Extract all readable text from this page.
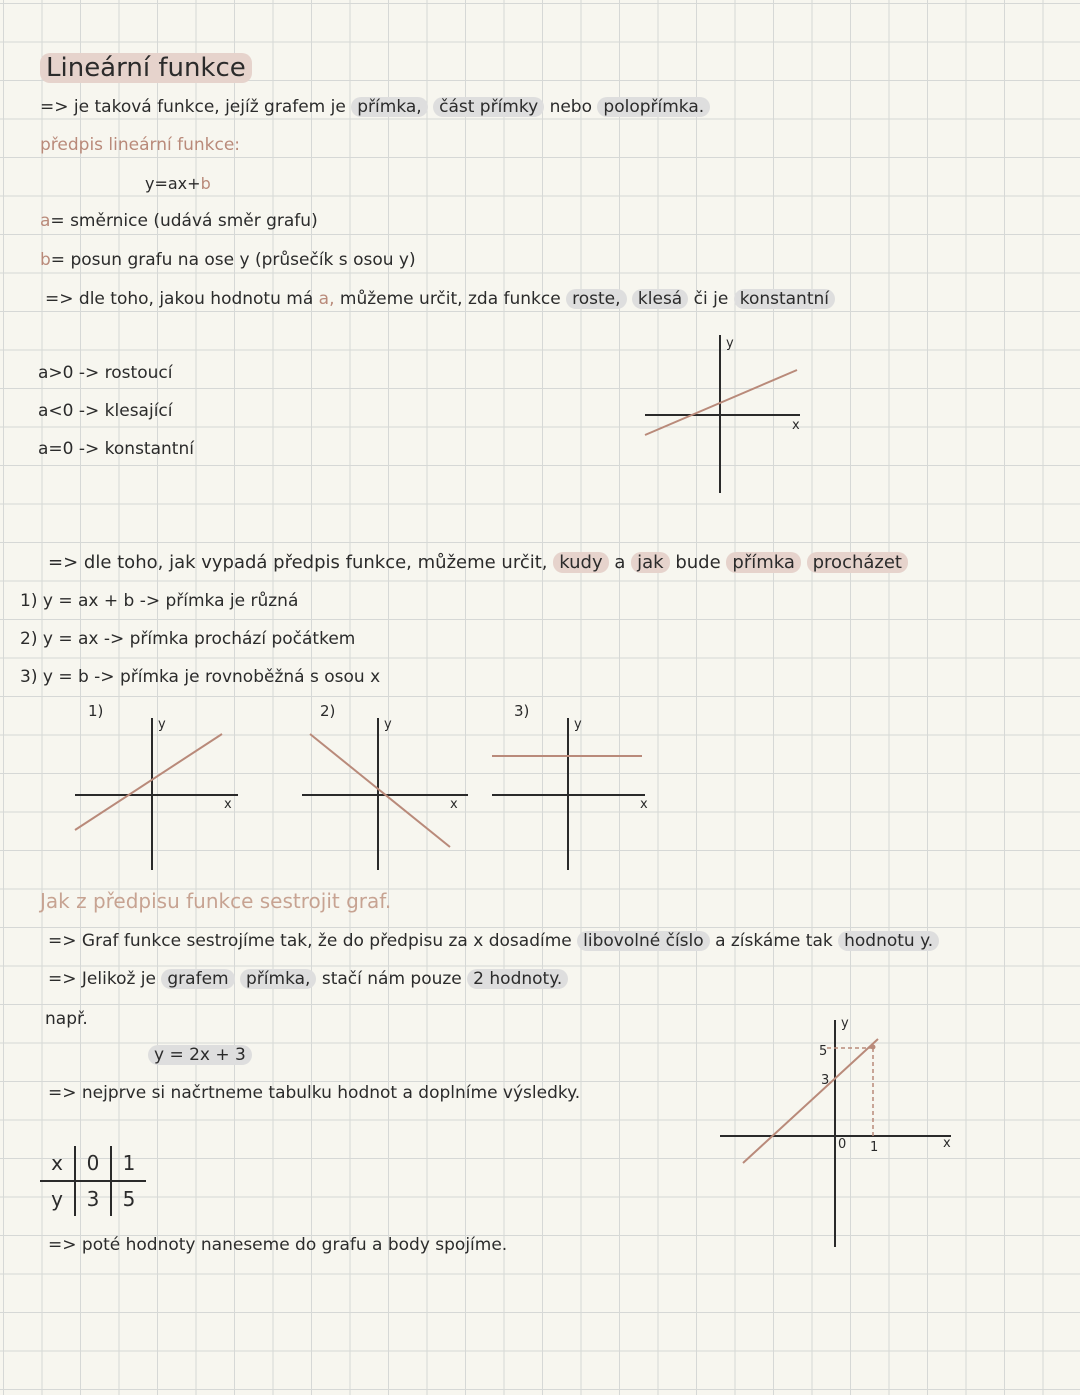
Lineární funkce
=> je taková funkce, jejíž grafem je přímka, část přímky nebo polopřímka.
předpis lineární funkce:
y=ax+b
a= směrnice (udává směr grafu)
b= posun grafu na ose y (průsečík s osou y)
=> dle toho, jakou hodnotu má a, můžeme určit, zda funkce roste, klesá či je konstantní
a>0 -> rostoucí
a<0 -> klesající
a=0 -> konstantní
y
x
=> dle toho, jak vypadá předpis funkce, můžeme určit, kudy a jak bude přímka procházet
1) y = ax + b -> přímka je různá
2) y = ax -> přímka prochází počátkem
3) y = b -> přímka je rovnoběžná s osou x
1)
y
x
2)
y
x
3)
y
x
Jak z předpisu funkce sestrojit graf.
=> Graf funkce sestrojíme tak, že do předpisu za x dosadíme libovolné číslo a získáme tak hodnotu y.
=> Jelikož je grafem přímka, stačí nám pouze 2 hodnoty.
např.
y = 2x + 3
=> nejprve si načrtneme tabulku hodnot a doplníme výsledky.
x	0	1
y	3	5
=> poté hodnoty naneseme do grafu a body spojíme.
y
x
5
3
0 1
